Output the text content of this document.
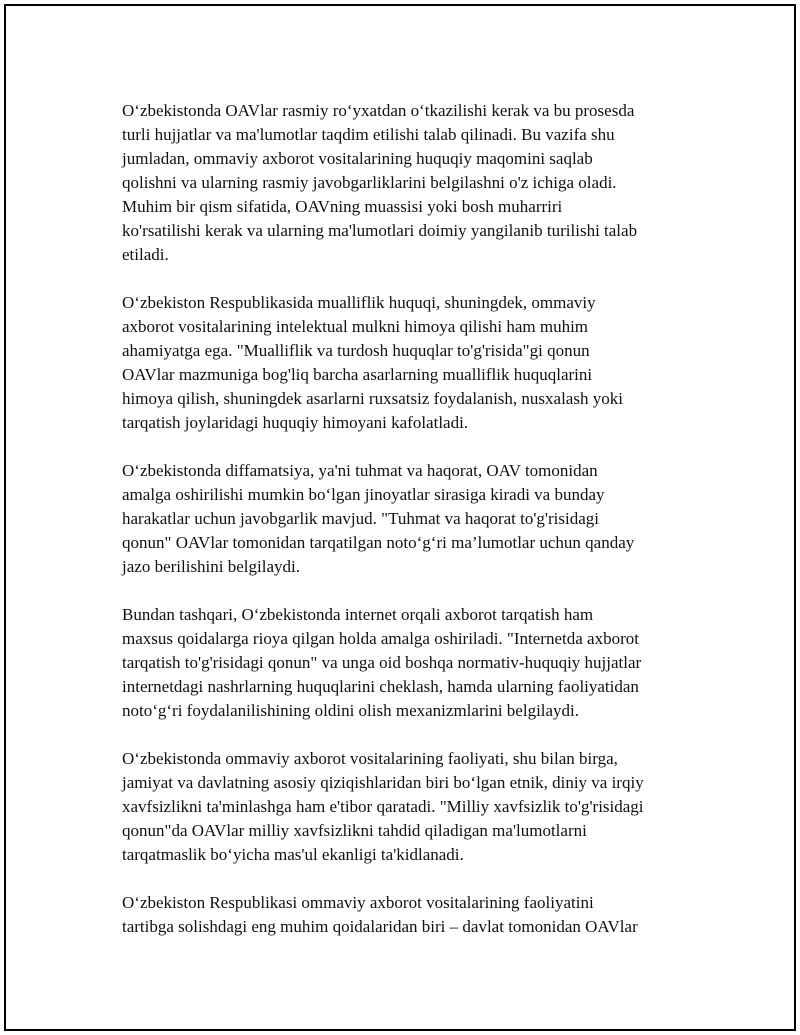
O‘zbekistonda OAVlar rasmiy ro‘yxatdan o‘tkazilishi kerak va bu prosesda
turli hujjatlar va ma'lumotlar taqdim etilishi talab qilinadi. Bu vazifa shu
jumladan, ommaviy axborot vositalarining huquqiy maqomini saqlab
qolishni va ularning rasmiy javobgarliklarini belgilashni o'z ichiga oladi.
Muhim bir qism sifatida, OAVning muassisi yoki bosh muharriri
ko'rsatilishi kerak va ularning ma'lumotlari doimiy yangilanib turilishi talab
etiladi.

O‘zbekiston Respublikasida mualliflik huquqi, shuningdek, ommaviy
axborot vositalarining intelektual mulkni himoya qilishi ham muhim
ahamiyatga ega. "Mualliflik va turdosh huquqlar to'g'risida"gi qonun
OAVlar mazmuniga bog'liq barcha asarlarning mualliflik huquqlarini
himoya qilish, shuningdek asarlarni ruxsatsiz foydalanish, nusxalash yoki
tarqatish joylaridagi huquqiy himoyani kafolatladi.

O‘zbekistonda diffamatsiya, ya'ni tuhmat va haqorat, OAV tomonidan
amalga oshirilishi mumkin bo‘lgan jinoyatlar sirasiga kiradi va bunday
harakatlar uchun javobgarlik mavjud. "Tuhmat va haqorat to'g'risidagi
qonun" OAVlar tomonidan tarqatilgan noto‘g‘ri ma’lumotlar uchun qanday
jazo berilishini belgilaydi.

Bundan tashqari, O‘zbekistonda internet orqali axborot tarqatish ham
maxsus qoidalarga rioya qilgan holda amalga oshiriladi. "Internetda axborot
tarqatish to'g'risidagi qonun" va unga oid boshqa normativ-huquqiy hujjatlar
internetdagi nashrlarning huquqlarini cheklash, hamda ularning faoliyatidan
noto‘g‘ri foydalanilishining oldini olish mexanizmlarini belgilaydi.

O‘zbekistonda ommaviy axborot vositalarining faoliyati, shu bilan birga,
jamiyat va davlatning asosiy qiziqishlaridan biri bo‘lgan etnik, diniy va irqiy
xavfsizlikni ta'minlashga ham e'tibor qaratadi. "Milliy xavfsizlik to'g'risidagi
qonun"da OAVlar milliy xavfsizlikni tahdid qiladigan ma'lumotlarni
tarqatmaslik bo‘yicha mas'ul ekanligi ta'kidlanadi.

O‘zbekiston Respublikasi ommaviy axborot vositalarining faoliyatini
tartibga solishdagi eng muhim qoidalaridan biri – davlat tomonidan OAVlar
